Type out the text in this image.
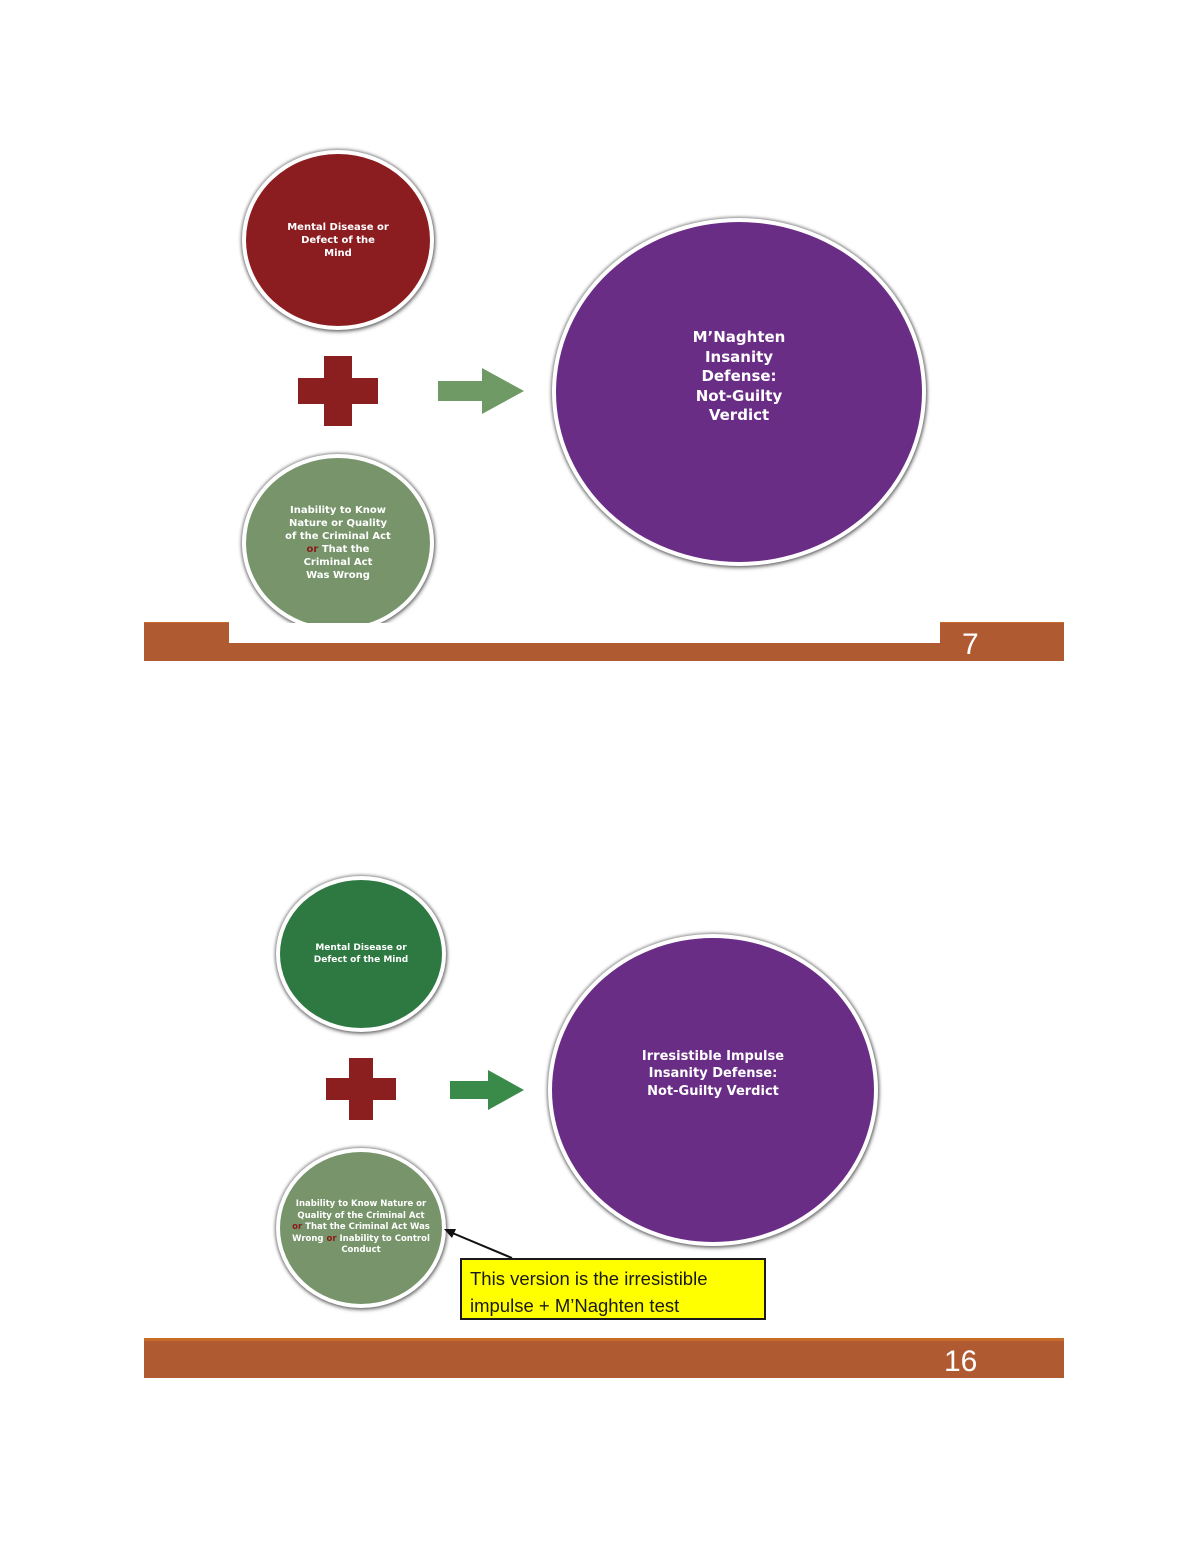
Mental Disease or Defect of the Mind
Inability to Know
Nature or Quality
of the Criminal Act
or That the
Criminal Act
Was Wrong
M’Naghten
Insanity
Defense:
Not-Guilty
Verdict
7
Mental Disease or
Defect of the Mind
Inability to Know Nature or Quality of the Criminal Act or That the Criminal Act Was Wrong or Inability to Control Conduct
Irresistible Impulse
Insanity Defense:
Not-Guilty Verdict
This version is the irresistible
impulse + M’Naghten test
16
